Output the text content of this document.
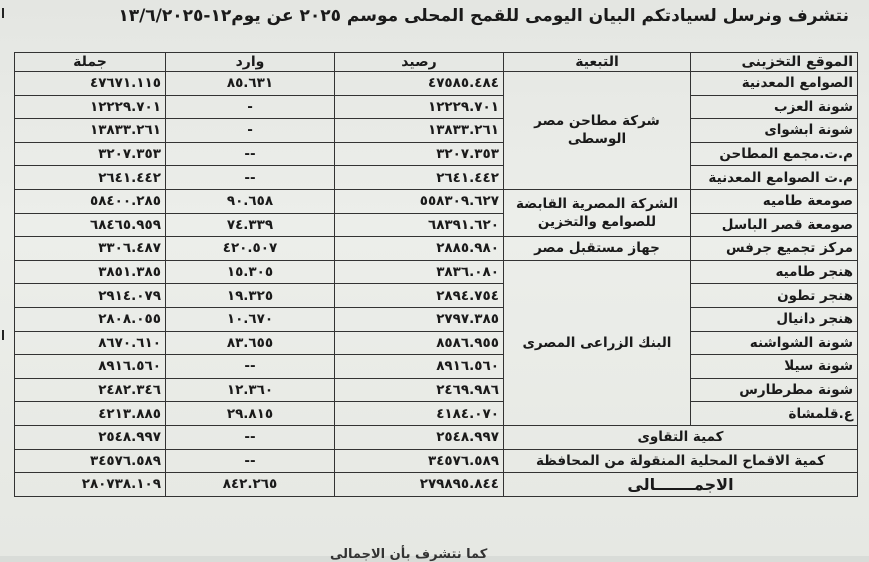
نتشرف ونرسل لسيادتكم البيان اليومى للقمح المحلى موسم ٢٠٢٥ عن يوم١٢-١٣/٦/٢٠٢٥
الموقع التخزينى	التبعية	رصيد	وارد	جملة
الصوامع المعدنية	شركة مطاحن مصر الوسطى	٤٧٥٨٥.٤٨٤	٨٥.٦٣١	٤٧٦٧١.١١٥
شونة العزب		١٢٢٢٩.٧٠١	-	١٢٢٢٩.٧٠١
شونة ابشواى		١٣٨٣٣.٢٦١	-	١٣٨٣٣.٢٦١
م.ت.مجمع المطاحن		٣٢٠٧.٣٥٣	--	٣٢٠٧.٣٥٣
م.ت الصوامع المعدنية		٢٦٤١.٤٤٢	--	٢٦٤١.٤٤٢
صومعة طاميه	الشركة المصرية القابضة للصوامع والتخزين	٥٥٨٣٠٩.٦٢٧	٩٠.٦٥٨	٥٨٤٠٠.٢٨٥
صومعة قصر الباسل		٦٨٣٩١.٦٢٠	٧٤.٣٣٩	٦٨٤٦٥.٩٥٩
مركز تجميع جرفس	جهاز مستقبل مصر	٢٨٨٥.٩٨٠	٤٢٠.٥٠٧	٣٣٠٦.٤٨٧
هنجر طاميه	البنك الزراعى المصرى	٣٨٣٦.٠٨٠	١٥.٣٠٥	٣٨٥١.٣٨٥
هنجر تطون		٢٨٩٤.٧٥٤	١٩.٣٢٥	٢٩١٤.٠٧٩
هنجر دانيال		٢٧٩٧.٣٨٥	١٠.٦٧٠	٢٨٠٨.٠٥٥
شونة الشواشنه		٨٥٨٦.٩٥٥	٨٣.٦٥٥	٨٦٧٠.٦١٠
شونة سيلا		٨٩١٦.٥٦٠	--	٨٩١٦.٥٦٠
شونة مطرطارس		٢٤٦٩.٩٨٦	١٢.٣٦٠	٢٤٨٢.٣٤٦
ع.قلمشاة		٤١٨٤.٠٧٠	٢٩.٨١٥	٤٢١٣.٨٨٥
كمية التقاوى		٢٥٤٨.٩٩٧	--	٢٥٤٨.٩٩٧
كمية الاقماح المحلية المنقولة من المحافظة		٣٤٥٧٦.٥٨٩	--	٣٤٥٧٦.٥٨٩
الاجمـــــــالى		٢٧٩٨٩٥.٨٤٤	٨٤٢.٢٦٥	٢٨٠٧٣٨.١٠٩
كما نتشرف بأن الاجمالى
